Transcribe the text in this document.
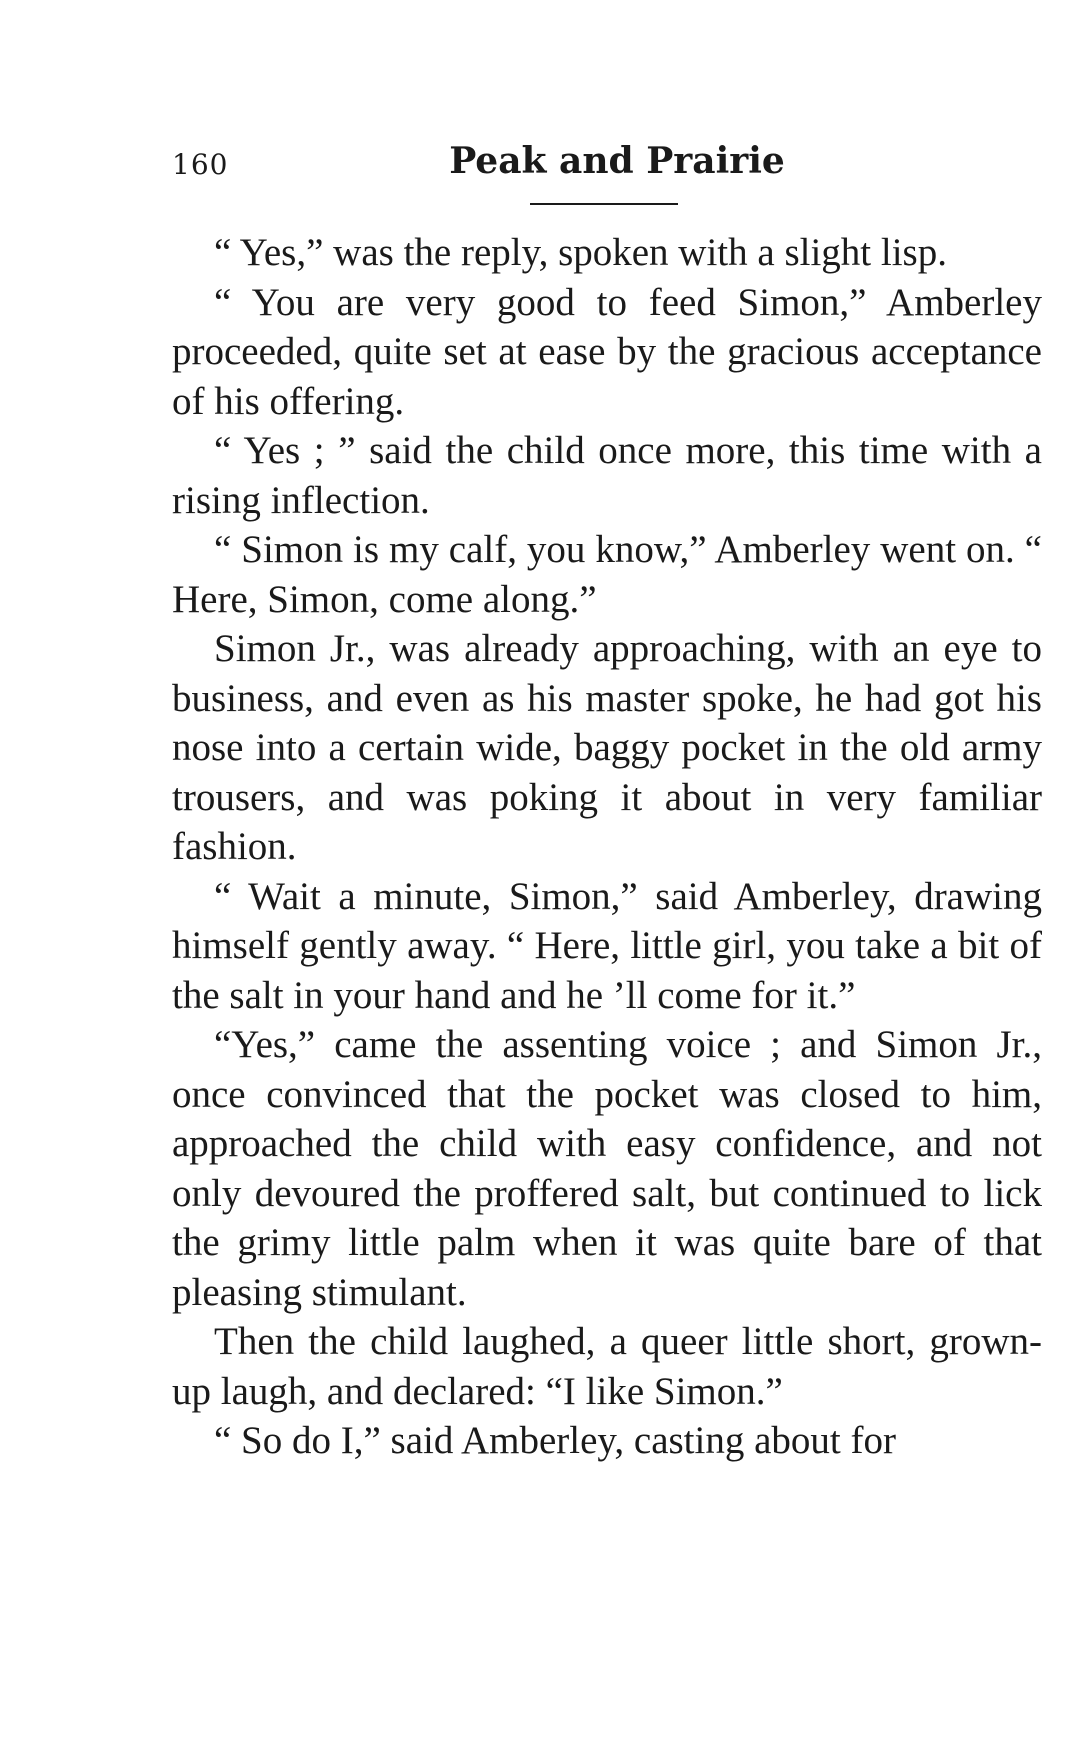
160	Peak and Prairie

“ Yes,” was the reply, spoken with a slight lisp.

“ You are very good to feed Simon,” Amberley proceeded, quite set at ease by the gracious acceptance of his offering.

“ Yes ; ” said the child once more, this time with a rising inflection.

“ Simon is my calf, you know,” Amberley went on. “ Here, Simon, come along.”

Simon Jr., was already approaching, with an eye to business, and even as his master spoke, he had got his nose into a certain wide, baggy pocket in the old army trousers, and was poking it about in very familiar fashion.

“ Wait a minute, Simon,” said Amberley, drawing himself gently away. “ Here, little girl, you take a bit of the salt in your hand and he ’ll come for it.”

“Yes,” came the assenting voice ; and Simon Jr., once convinced that the pocket was closed to him, approached the child with easy confidence, and not only devoured the proffered salt, but continued to lick the grimy little palm when it was quite bare of that pleasing stimulant.

Then the child laughed, a queer little short, grown-up laugh, and declared: “I like Simon.”

“ So do I,” said Amberley, casting about for
